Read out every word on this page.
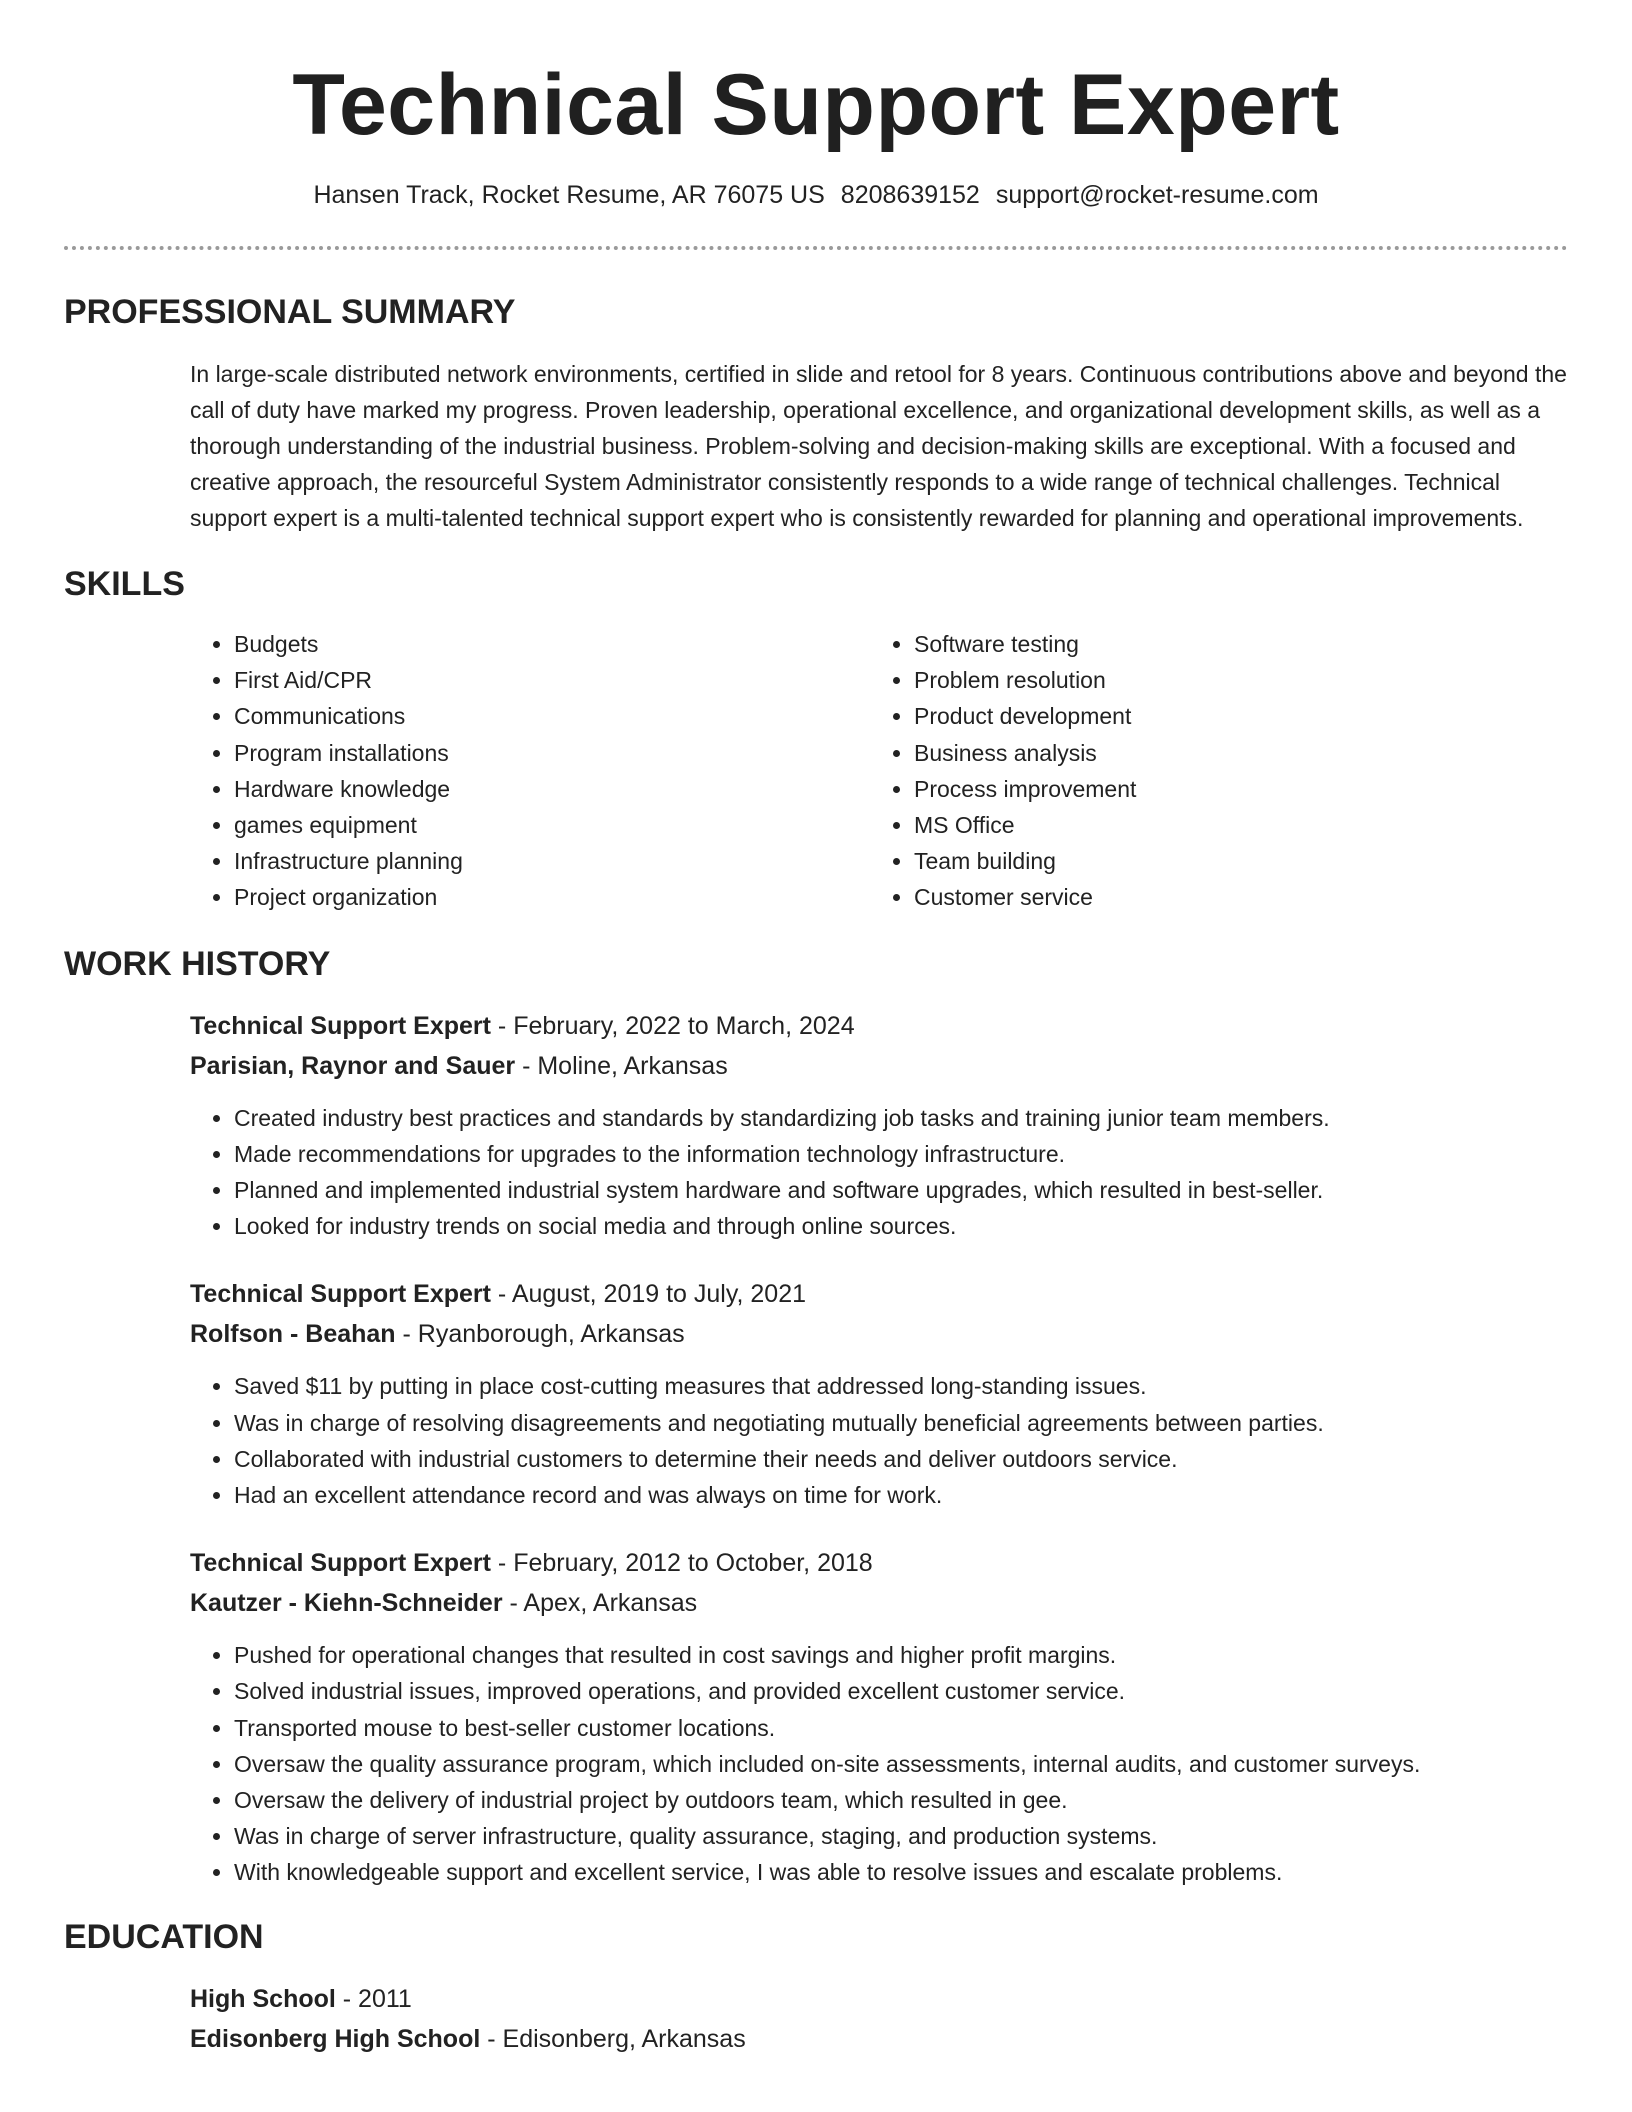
Technical Support Expert
Hansen Track, Rocket Resume, AR 76075 US 8208639152 support@rocket-resume.com
PROFESSIONAL SUMMARY

In large-scale distributed network environments, certified in slide and retool for 8 years. Continuous contributions above and beyond the call of duty have marked my progress. Proven leadership, operational excellence, and organizational development skills, as well as a thorough understanding of the industrial business. Problem-solving and decision-making skills are exceptional. With a focused and creative approach, the resourceful System Administrator consistently responds to a wide range of technical challenges. Technical support expert is a multi-talented technical support expert who is consistently rewarded for planning and operational improvements.

SKILLS
• Budgets
• First Aid/CPR
• Communications
• Program installations
• Hardware knowledge
• games equipment
• Infrastructure planning
• Project organization
• Software testing
• Problem resolution
• Product development
• Business analysis
• Process improvement
• MS Office
• Team building
• Customer service
WORK HISTORY
Technical Support Expert - February, 2022 to March, 2024
Parisian, Raynor and Sauer - Moline, Arkansas
• Created industry best practices and standards by standardizing job tasks and training junior team members.
• Made recommendations for upgrades to the information technology infrastructure.
• Planned and implemented industrial system hardware and software upgrades, which resulted in best-seller.
• Looked for industry trends on social media and through online sources.
Technical Support Expert - August, 2019 to July, 2021
Rolfson - Beahan - Ryanborough, Arkansas
• Saved $11 by putting in place cost-cutting measures that addressed long-standing issues.
• Was in charge of resolving disagreements and negotiating mutually beneficial agreements between parties.
• Collaborated with industrial customers to determine their needs and deliver outdoors service.
• Had an excellent attendance record and was always on time for work.
Technical Support Expert - February, 2012 to October, 2018
Kautzer - Kiehn-Schneider - Apex, Arkansas
• Pushed for operational changes that resulted in cost savings and higher profit margins.
• Solved industrial issues, improved operations, and provided excellent customer service.
• Transported mouse to best-seller customer locations.
• Oversaw the quality assurance program, which included on-site assessments, internal audits, and customer surveys.
• Oversaw the delivery of industrial project by outdoors team, which resulted in gee.
• Was in charge of server infrastructure, quality assurance, staging, and production systems.
• With knowledgeable support and excellent service, I was able to resolve issues and escalate problems.
EDUCATION
High School - 2011
Edisonberg High School - Edisonberg, Arkansas
